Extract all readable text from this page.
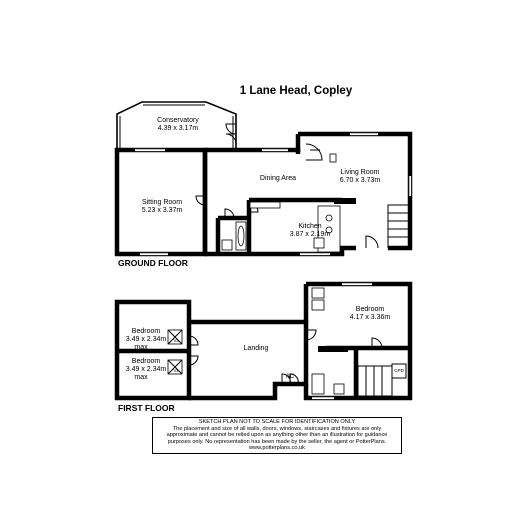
1 Lane Head, Copley
Conservatory
4.39 x 3.17m
Sitting Room
5.23 x 3.37m
Dining Area
Living Room
6.70 x 3.73m
Kitchen
3.87 x 2.19m
GROUND FLOOR
CPD
Vx
Vx
Bedroom
3.49 x 2.34m
max
Bedroom
3.49 x 2.34m
max
Landing
AC
Bedroom
4.17 x 3.36m
FIRST FLOOR
SKETCH PLAN NOT TO SCALE FOR IDENTIFICATION ONLY
The placement and size of all walls, doors, windows, staircases and fixtures are only
approximate and cannot be relied upon as anything other than an illustration for guidance
purposes only. No representation has been made by the seller, the agent or PotterPlans.
www.potterplans.co.uk
